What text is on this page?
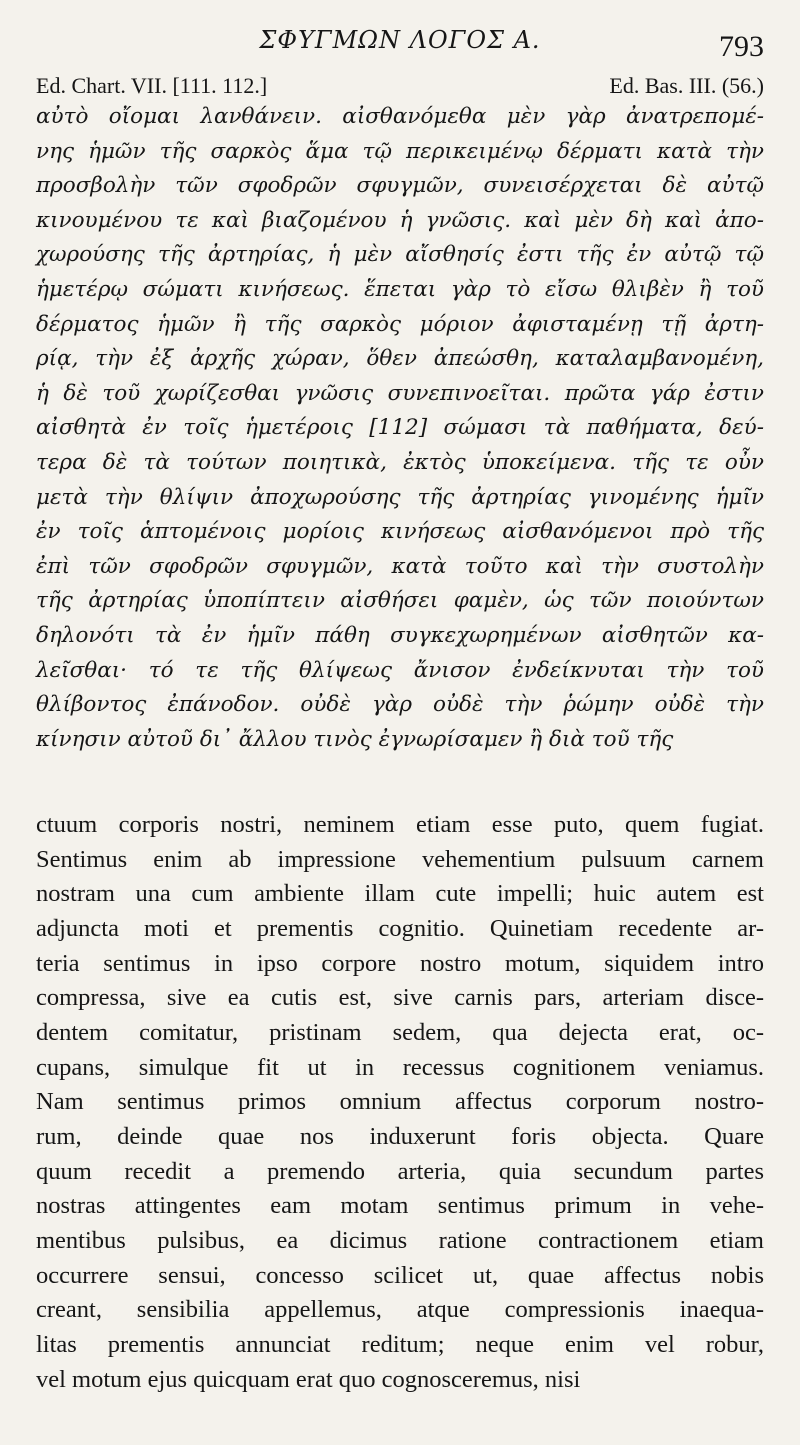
ΣΦΥΓΜΩΝ ΛΟΓΟΣ Α.	793
Ed. Chart. VII. [111. 112.]	Ed. Bas. III. (56.)
αὐτὸ οἴομαι λανθάνειν. αἰσθανόμεθα μὲν γὰρ ἀνατρεπομέ-
νης ἡμῶν τῆς σαρκὸς ἅμα τῷ περικειμένῳ δέρματι κατὰ τὴν
προσβολὴν τῶν σφοδρῶν σφυγμῶν, συνεισέρχεται δὲ αὐτῷ
κινουμένου τε καὶ βιαζομένου ἡ γνῶσις. καὶ μὲν δὴ καὶ ἀπο-
χωρούσης τῆς ἀρτηρίας, ἡ μὲν αἴσθησίς ἐστι τῆς ἐν αὐτῷ τῷ
ἡμετέρῳ σώματι κινήσεως. ἕπεται γὰρ τὸ εἴσω θλιβὲν ἢ τοῦ
δέρματος ἡμῶν ἢ τῆς σαρκὸς μόριον ἀφισταμένῃ τῇ ἀρτη-
ρίᾳ, τὴν ἐξ ἀρχῆς χώραν, ὅθεν ἀπεώσθη, καταλαμβανομένη,
ἡ δὲ τοῦ χωρίζεσθαι γνῶσις συνεπινοεῖται. πρῶτα γάρ ἐστιν
αἰσθητὰ ἐν τοῖς ἡμετέροις [112] σώμασι τὰ παθήματα, δεύ-
τερα δὲ τὰ τούτων ποιητικὰ, ἐκτὸς ὑποκείμενα. τῆς τε οὖν
μετὰ τὴν θλίψιν ἀποχωρούσης τῆς ἀρτηρίας γινομένης ἡμῖν
ἐν τοῖς ἁπτομένοις μορίοις κινήσεως αἰσθανόμενοι πρὸ τῆς
ἐπὶ τῶν σφοδρῶν σφυγμῶν, κατὰ τοῦτο καὶ τὴν συστολὴν
τῆς ἀρτηρίας ὑποπίπτειν αἰσθήσει φαμὲν, ὡς τῶν ποιούντων
δηλονότι τὰ ἐν ἡμῖν πάθη συγκεχωρημένων αἰσθητῶν κα-
λεῖσθαι· τό τε τῆς θλίψεως ἄνισον ἐνδείκνυται τὴν τοῦ
θλίβοντος ἐπάνοδον. οὐδὲ γὰρ οὐδὲ τὴν ῥώμην οὐδὲ τὴν
κίνησιν αὐτοῦ δι᾽ ἄλλου τινὸς ἐγνωρίσαμεν ἢ διὰ τοῦ τῆς
ctuum corporis nostri, neminem etiam esse puto, quem fugiat.
Sentimus enim ab impressione vehementium pulsuum carnem
nostram una cum ambiente illam cute impelli; huic autem est
adjuncta moti et prementis cognitio. Quinetiam recedente ar-
teria sentimus in ipso corpore nostro motum, siquidem intro
compressa, sive ea cutis est, sive carnis pars, arteriam disce-
dentem comitatur, pristinam sedem, qua dejecta erat, oc-
cupans, simulque fit ut in recessus cognitionem veniamus.
Nam sentimus primos omnium affectus corporum nostro-
rum, deinde quae nos induxerunt foris objecta. Quare
quum recedit a premendo arteria, quia secundum partes
nostras attingentes eam motam sentimus primum in vehe-
mentibus pulsibus, ea dicimus ratione contractionem etiam
occurrere sensui, concesso scilicet ut, quae affectus nobis
creant, sensibilia appellemus, atque compressionis inaequa-
litas prementis annunciat reditum; neque enim vel robur,
vel motum ejus quicquam erat quo cognosceremus, nisi
